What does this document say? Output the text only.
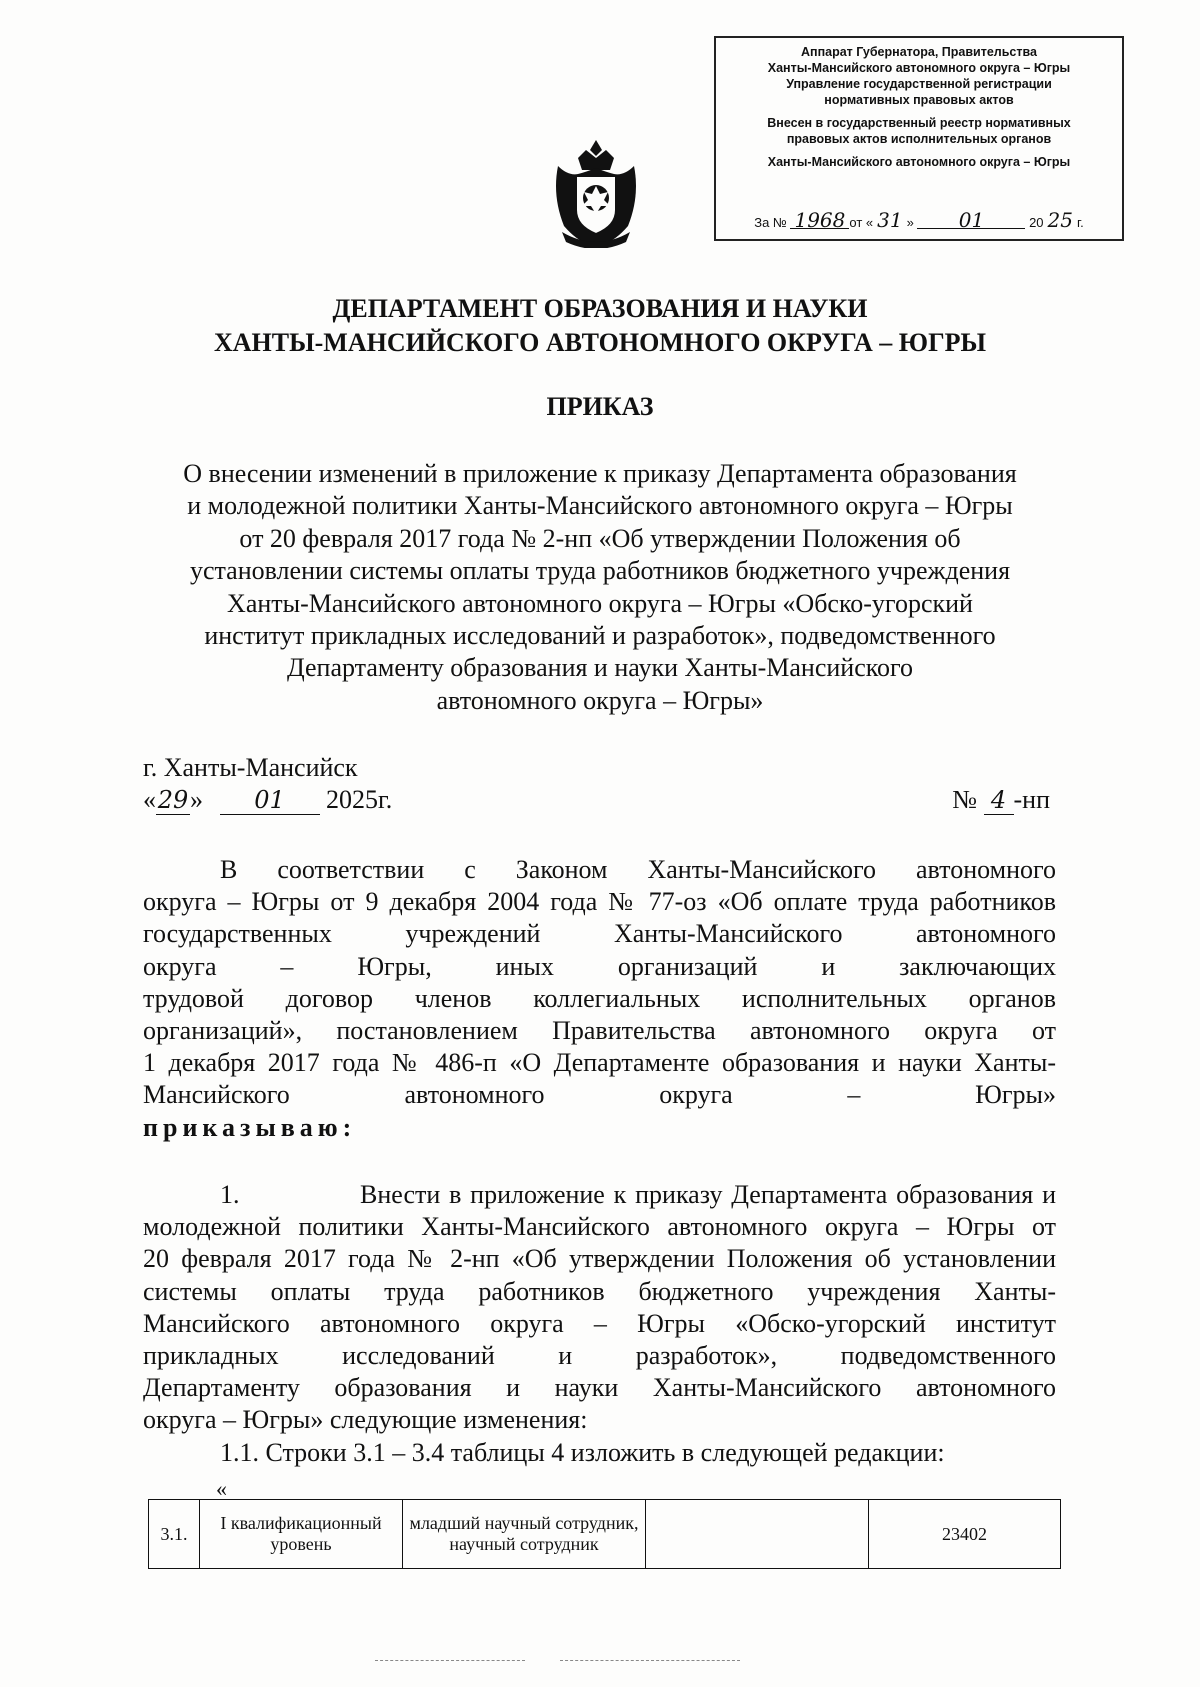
Аппарат Губернатора, Правительства
Ханты-Мансийского автономного округа – Югры
Управление государственной регистрации
нормативных правовых актов
Внесен в государственный реестр нормативных
правовых актов исполнительных органов
Ханты-Мансийского автономного округа – Югры
За № 1968 от « 31 » 01	20 25 г.
ДЕПАРТАМЕНТ ОБРАЗОВАНИЯ И НАУКИ
ХАНТЫ-МАНСИЙСКОГО АВТОНОМНОГО ОКРУГА – ЮГРЫ
ПРИКАЗ
О внесении изменений в приложение к приказу Департамента образования
и молодежной политики Ханты-Мансийского автономного округа – Югры
от 20 февраля 2017 года № 2-нп «Об утверждении Положения об
установлении системы оплаты труда работников бюджетного учреждения
Ханты-Мансийского автономного округа – Югры «Обско-угорский
институт прикладных исследований и разработок», подведомственного
Департаменту образования и науки Ханты-Мансийского
автономного округа – Югры»
г. Ханты-Мансийск
«29» 01 2025г.	№ 4 -нп
В соответствии с Законом Ханты-Мансийского автономного
округа – Югры от 9 декабря 2004 года № 77-оз «Об оплате труда работников
государственных учреждений Ханты-Мансийского автономного
округа – Югры, иных организаций и заключающих
трудовой договор членов коллегиальных исполнительных органов
организаций», постановлением Правительства автономного округа от
1 декабря 2017 года № 486-п «О Департаменте образования и науки Ханты-
Мансийского автономного округа – Югры»
приказываю:
1.	Внести в приложение к приказу Департамента образования и
молодежной политики Ханты-Мансийского автономного округа – Югры от
20 февраля 2017 года № 2-нп «Об утверждении Положения об установлении
системы оплаты труда работников бюджетного учреждения Ханты-
Мансийского автономного округа – Югры «Обско-угорский институт
прикладных исследований и разработок», подведомственного
Департаменту образования и науки Ханты-Мансийского автономного
округа – Югры» следующие изменения:
1.1. Строки 3.1 – 3.4 таблицы 4 изложить в следующей редакции:
«
3.1.	I квалификационный уровень	младший научный сотрудник, научный сотрудник		23402
